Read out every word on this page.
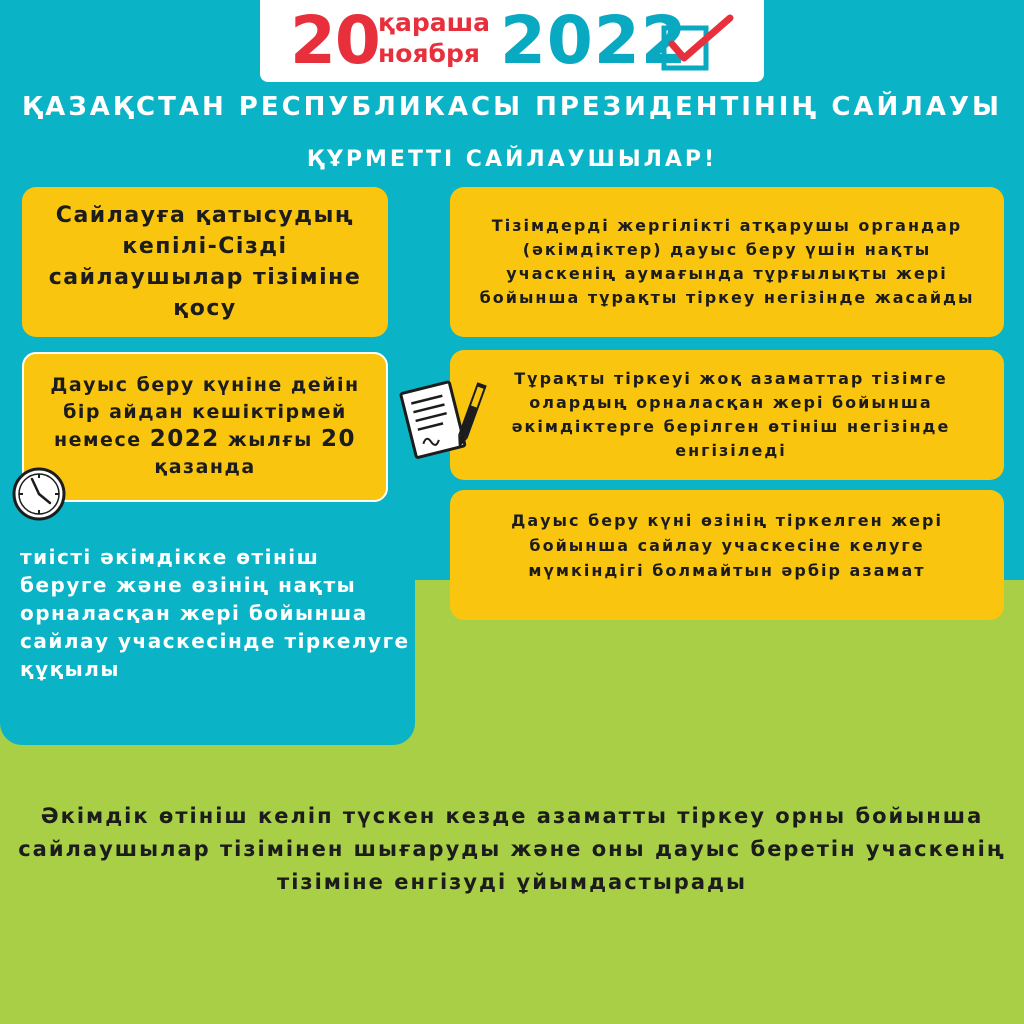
20
қараша
ноября 2022
ҚАЗАҚСТАН РЕСПУБЛИКАСЫ ПРЕЗИДЕНТІНІҢ САЙЛАУЫ
ҚҰРМЕТТІ САЙЛАУШЫЛАР!
Сайлауға қатысудың кепілі-Сізді сайлаушылар тізіміне қосу
Дауыс беру күніне дейін бір айдан кешіктірмей немесе 2022 жылғы 20 қазанда
тиісті әкімдікке өтініш беруге және өзінің нақты орналасқан жері бойынша сайлау учаскесінде тіркелуге құқылы
Тізімдерді жергілікті атқарушы органдар (әкімдіктер) дауыс беру үшін нақты учаскенің аумағында тұрғылықты жері бойынша тұрақты тіркеу негізінде жасайды
Тұрақты тіркеуі жоқ азаматтар тізімге олардың орналасқан жері бойынша әкімдіктерге берілген өтініш негізінде енгізіледі
Дауыс беру күні өзінің тіркелген жері бойынша сайлау учаскесіне келуге мүмкіндігі болмайтын әрбір азамат
Әкімдік өтініш келіп түскен кезде азаматты тіркеу орны бойынша сайлаушылар тізімінен шығаруды және оны дауыс беретін учаскенің тізіміне енгізуді ұйымдастырады
